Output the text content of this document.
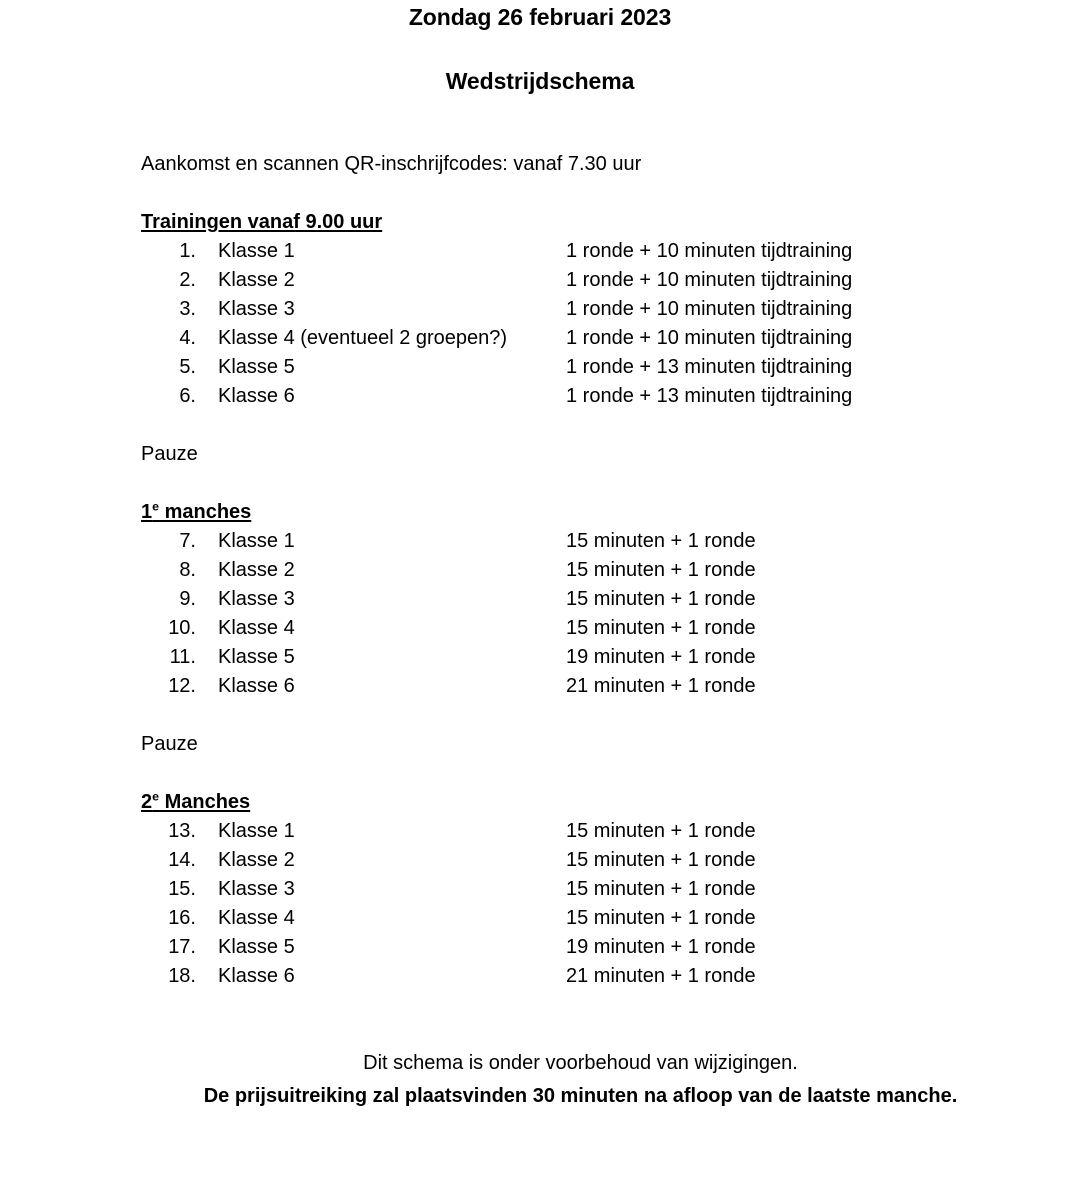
Zondag 26 februari 2023
Wedstrijdschema

Aankomst en scannen QR-inschrijfcodes: vanaf 7.30 uur

Trainingen vanaf 9.00 uur
1.	Klasse 1	1 ronde + 10 minuten tijdtraining
2.	Klasse 2	1 ronde + 10 minuten tijdtraining
3.	Klasse 3	1 ronde + 10 minuten tijdtraining
4.	Klasse 4 (eventueel 2 groepen?)	1 ronde + 10 minuten tijdtraining
5.	Klasse 5	1 ronde + 13 minuten tijdtraining
6.	Klasse 6	1 ronde + 13 minuten tijdtraining

Pauze

1e manches
7.	Klasse 1	15 minuten + 1 ronde
8.	Klasse 2	15 minuten + 1 ronde
9.	Klasse 3	15 minuten + 1 ronde
10.	Klasse 4	15 minuten + 1 ronde
11.	Klasse 5	19 minuten + 1 ronde
12.	Klasse 6	21 minuten + 1 ronde

Pauze

2e Manches
13.	Klasse 1	15 minuten + 1 ronde
14.	Klasse 2	15 minuten + 1 ronde
15.	Klasse 3	15 minuten + 1 ronde
16.	Klasse 4	15 minuten + 1 ronde
17.	Klasse 5	19 minuten + 1 ronde
18.	Klasse 6	21 minuten + 1 ronde

Dit schema is onder voorbehoud van wijzigingen.

De prijsuitreiking zal plaatsvinden 30 minuten na afloop van de laatste manche.
